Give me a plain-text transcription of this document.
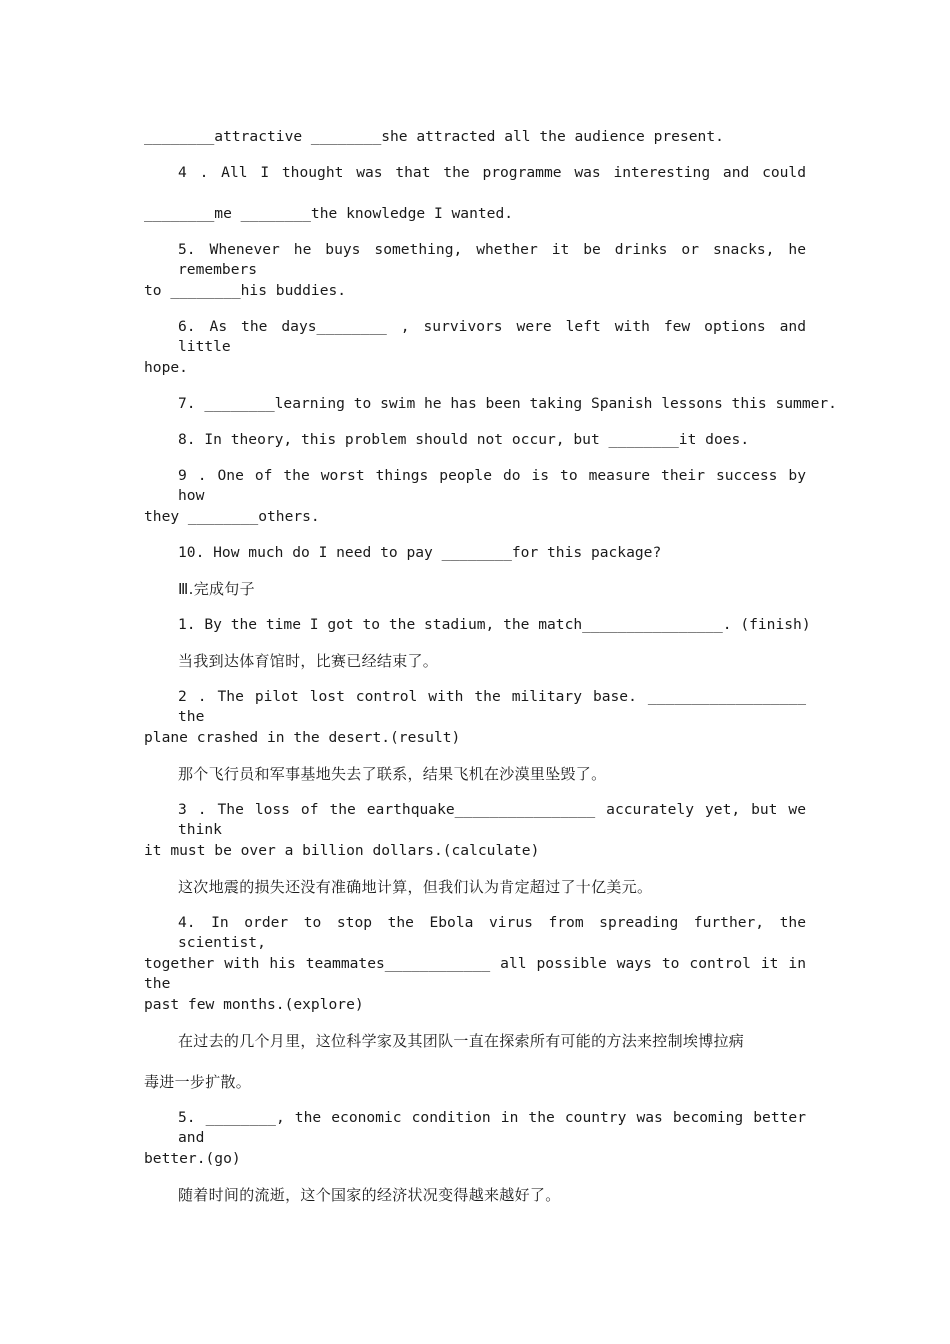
________attractive ________she attracted all the audience present.
4 . All I thought was that the programme was interesting and could
________me ________the knowledge I wanted.
5. Whenever he buys something, whether it be drinks or snacks, he remembers
to ________his buddies.
6. As the days________ , survivors were left with few options and little
hope.
7. ________learning to swim he has been taking Spanish lessons this summer.
8. In theory, this problem should not occur, but ________it does.
9 . One of the worst things people do is to measure their success by how
they ________others.
10. How much do I need to pay ________for this package?
Ⅲ.完成句子
1. By the time I got to the stadium, the match________________. (finish)
当我到达体育馆时，比赛已经结束了。
2 . The pilot lost control with the military base. __________________ the
plane crashed in the desert.(result)
那个飞行员和军事基地失去了联系，结果飞机在沙漠里坠毁了。
3 . The loss of the earthquake________________ accurately yet, but we think
it must be over a billion dollars.(calculate)
这次地震的损失还没有准确地计算，但我们认为肯定超过了十亿美元。
4. In order to stop the Ebola virus from spreading further, the scientist,
together with his teammates____________ all possible ways to control it in the
past few months.(explore)
在过去的几个月里，这位科学家及其团队一直在探索所有可能的方法来控制埃博拉病
毒进一步扩散。
5. ________, the economic condition in the country was becoming better and
better.(go)
随着时间的流逝，这个国家的经济状况变得越来越好了。
